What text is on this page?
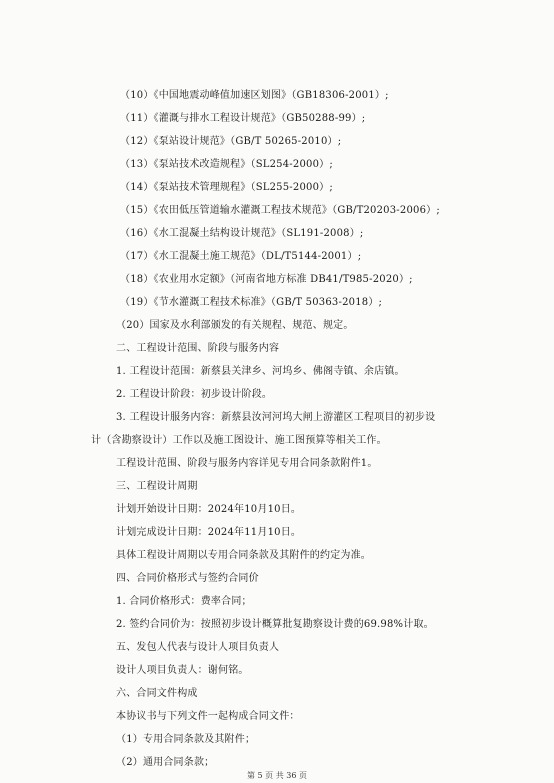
（10）《中国地震动峰值加速区划图》（GB18306-2001）;
（11）《灌溉与排水工程设计规范》（GB50288-99）;
（12）《泵站设计规范》（GB/T 50265-2010）;
（13）《泵站技术改造规程》（SL254-2000）;
（14）《泵站技术管理规程》（SL255-2000）;
（15）《农田低压管道输水灌溉工程技术规范》（GB/T20203-2006）;
（16）《水工混凝土结构设计规范》（SL191-2008）;
（17）《水工混凝土施工规范》（DL/T5144-2001）;
（18）《农业用水定额》（河南省地方标准 DB41/T985-2020）;
（19）《节水灌溉工程技术标准》（GB/T 50363-2018）;
（20）国家及水利部颁发的有关规程、规范、规定。
二、工程设计范围、阶段与服务内容
1. 工程设计范围：新蔡县关津乡、河坞乡、佛阁寺镇、余店镇。
2. 工程设计阶段：初步设计阶段。
3. 工程设计服务内容：新蔡县汝河河坞大闸上游灌区工程项目的初步设
计（含勘察设计）工作以及施工图设计、施工图预算等相关工作。
工程设计范围、阶段与服务内容详见专用合同条款附件1。
三、工程设计周期
计划开始设计日期：2024年10月10日。
计划完成设计日期：2024年11月10日。
具体工程设计周期以专用合同条款及其附件的约定为准。
四、合同价格形式与签约合同价
1. 合同价格形式：费率合同；
2. 签约合同价为：按照初步设计概算批复勘察设计费的69.98%计取。
五、发包人代表与设计人项目负责人
设计人项目负责人：谢何铭。
六、合同文件构成
本协议书与下列文件一起构成合同文件：
（1）专用合同条款及其附件；
（2）通用合同条款；
第 5 页 共 36 页
